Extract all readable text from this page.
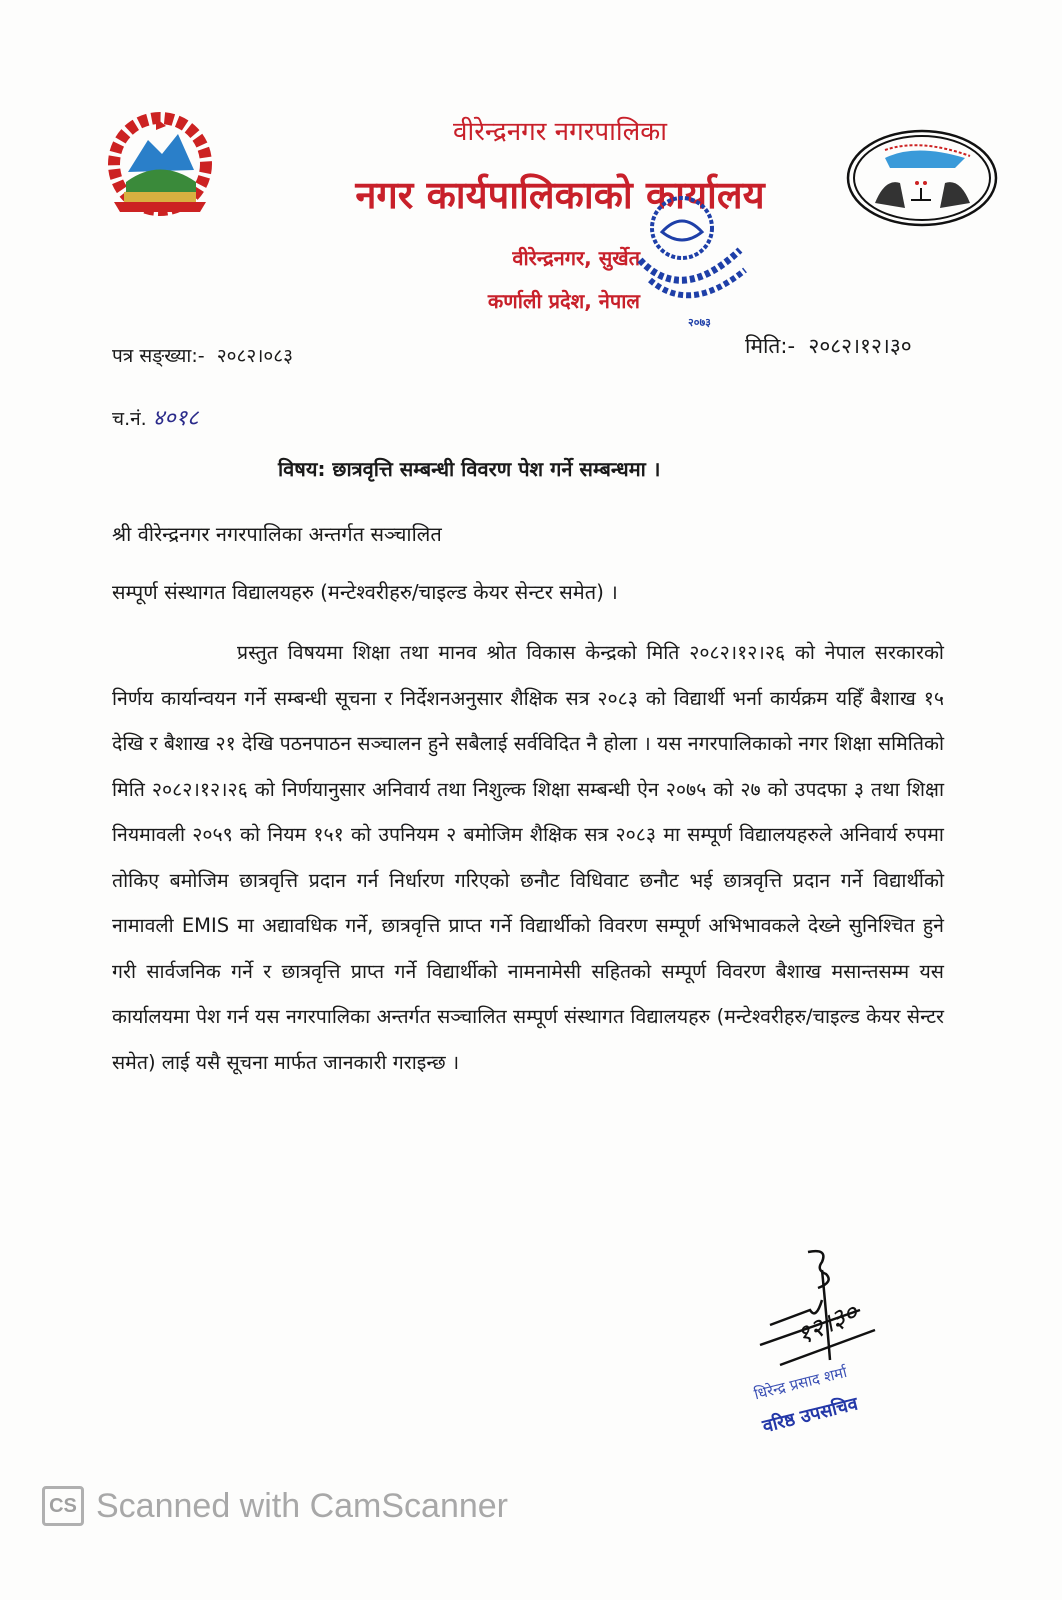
वीरेन्द्रनगर नगरपालिका
नगर कार्यपालिकाको कार्यालय
वीरेन्द्रनगर, सुर्खेत
कर्णाली प्रदेश, नेपाल
२०७३
पत्र सङ्ख्या:- २०८२।०८३	मिति:- २०८२।१२।३०
च.नं. ४०१८
विषय: छात्रवृत्ति सम्बन्धी विवरण पेश गर्ने सम्बन्धमा ।
श्री वीरेन्द्रनगर नगरपालिका अन्तर्गत सञ्चालित
सम्पूर्ण संस्थागत विद्यालयहरु (मन्टेश्वरीहरु/चाइल्ड केयर सेन्टर समेत) ।

प्रस्तुत विषयमा शिक्षा तथा मानव श्रोत विकास केन्द्रको मिति २०८२।१२।२६ को नेपाल सरकारको निर्णय कार्यान्वयन गर्ने सम्बन्धी सूचना र निर्देशनअनुसार शैक्षिक सत्र २०८३ को विद्यार्थी भर्ना कार्यक्रम यहिँ बैशाख १५ देखि र बैशाख २१ देखि पठनपाठन सञ्चालन हुने सबैलाई सर्वविदित नै होला । यस नगरपालिकाको नगर शिक्षा समितिको मिति २०८२।१२।२६ को निर्णयानुसार अनिवार्य तथा निशुल्क शिक्षा सम्बन्धी ऐन २०७५ को २७ को उपदफा ३ तथा शिक्षा नियमावली २०५९ को नियम १५१ को उपनियम २ बमोजिम शैक्षिक सत्र २०८३ मा सम्पूर्ण विद्यालयहरुले अनिवार्य रुपमा तोकिए बमोजिम छात्रवृत्ति प्रदान गर्न निर्धारण गरिएको छनौट विधिवाट छनौट भई छात्रवृत्ति प्रदान गर्ने विद्यार्थीको नामावली EMIS मा अद्यावधिक गर्ने, छात्रवृत्ति प्राप्त गर्ने विद्यार्थीको विवरण सम्पूर्ण अभिभावकले देख्ने सुनिश्चित हुने गरी सार्वजनिक गर्ने र छात्रवृत्ति प्राप्त गर्ने विद्यार्थीको नामनामेसी सहितको सम्पूर्ण विवरण बैशाख मसान्तसम्म यस कार्यालयमा पेश गर्न यस नगरपालिका अन्तर्गत सञ्चालित सम्पूर्ण संस्थागत विद्यालयहरु (मन्टेश्वरीहरु/चाइल्ड केयर सेन्टर समेत) लाई यसै सूचना मार्फत जानकारी गराइन्छ ।

१२।३०
धिरेन्द्र प्रसाद शर्मा
वरिष्ठ उपसचिव
CS Scanned with CamScanner
